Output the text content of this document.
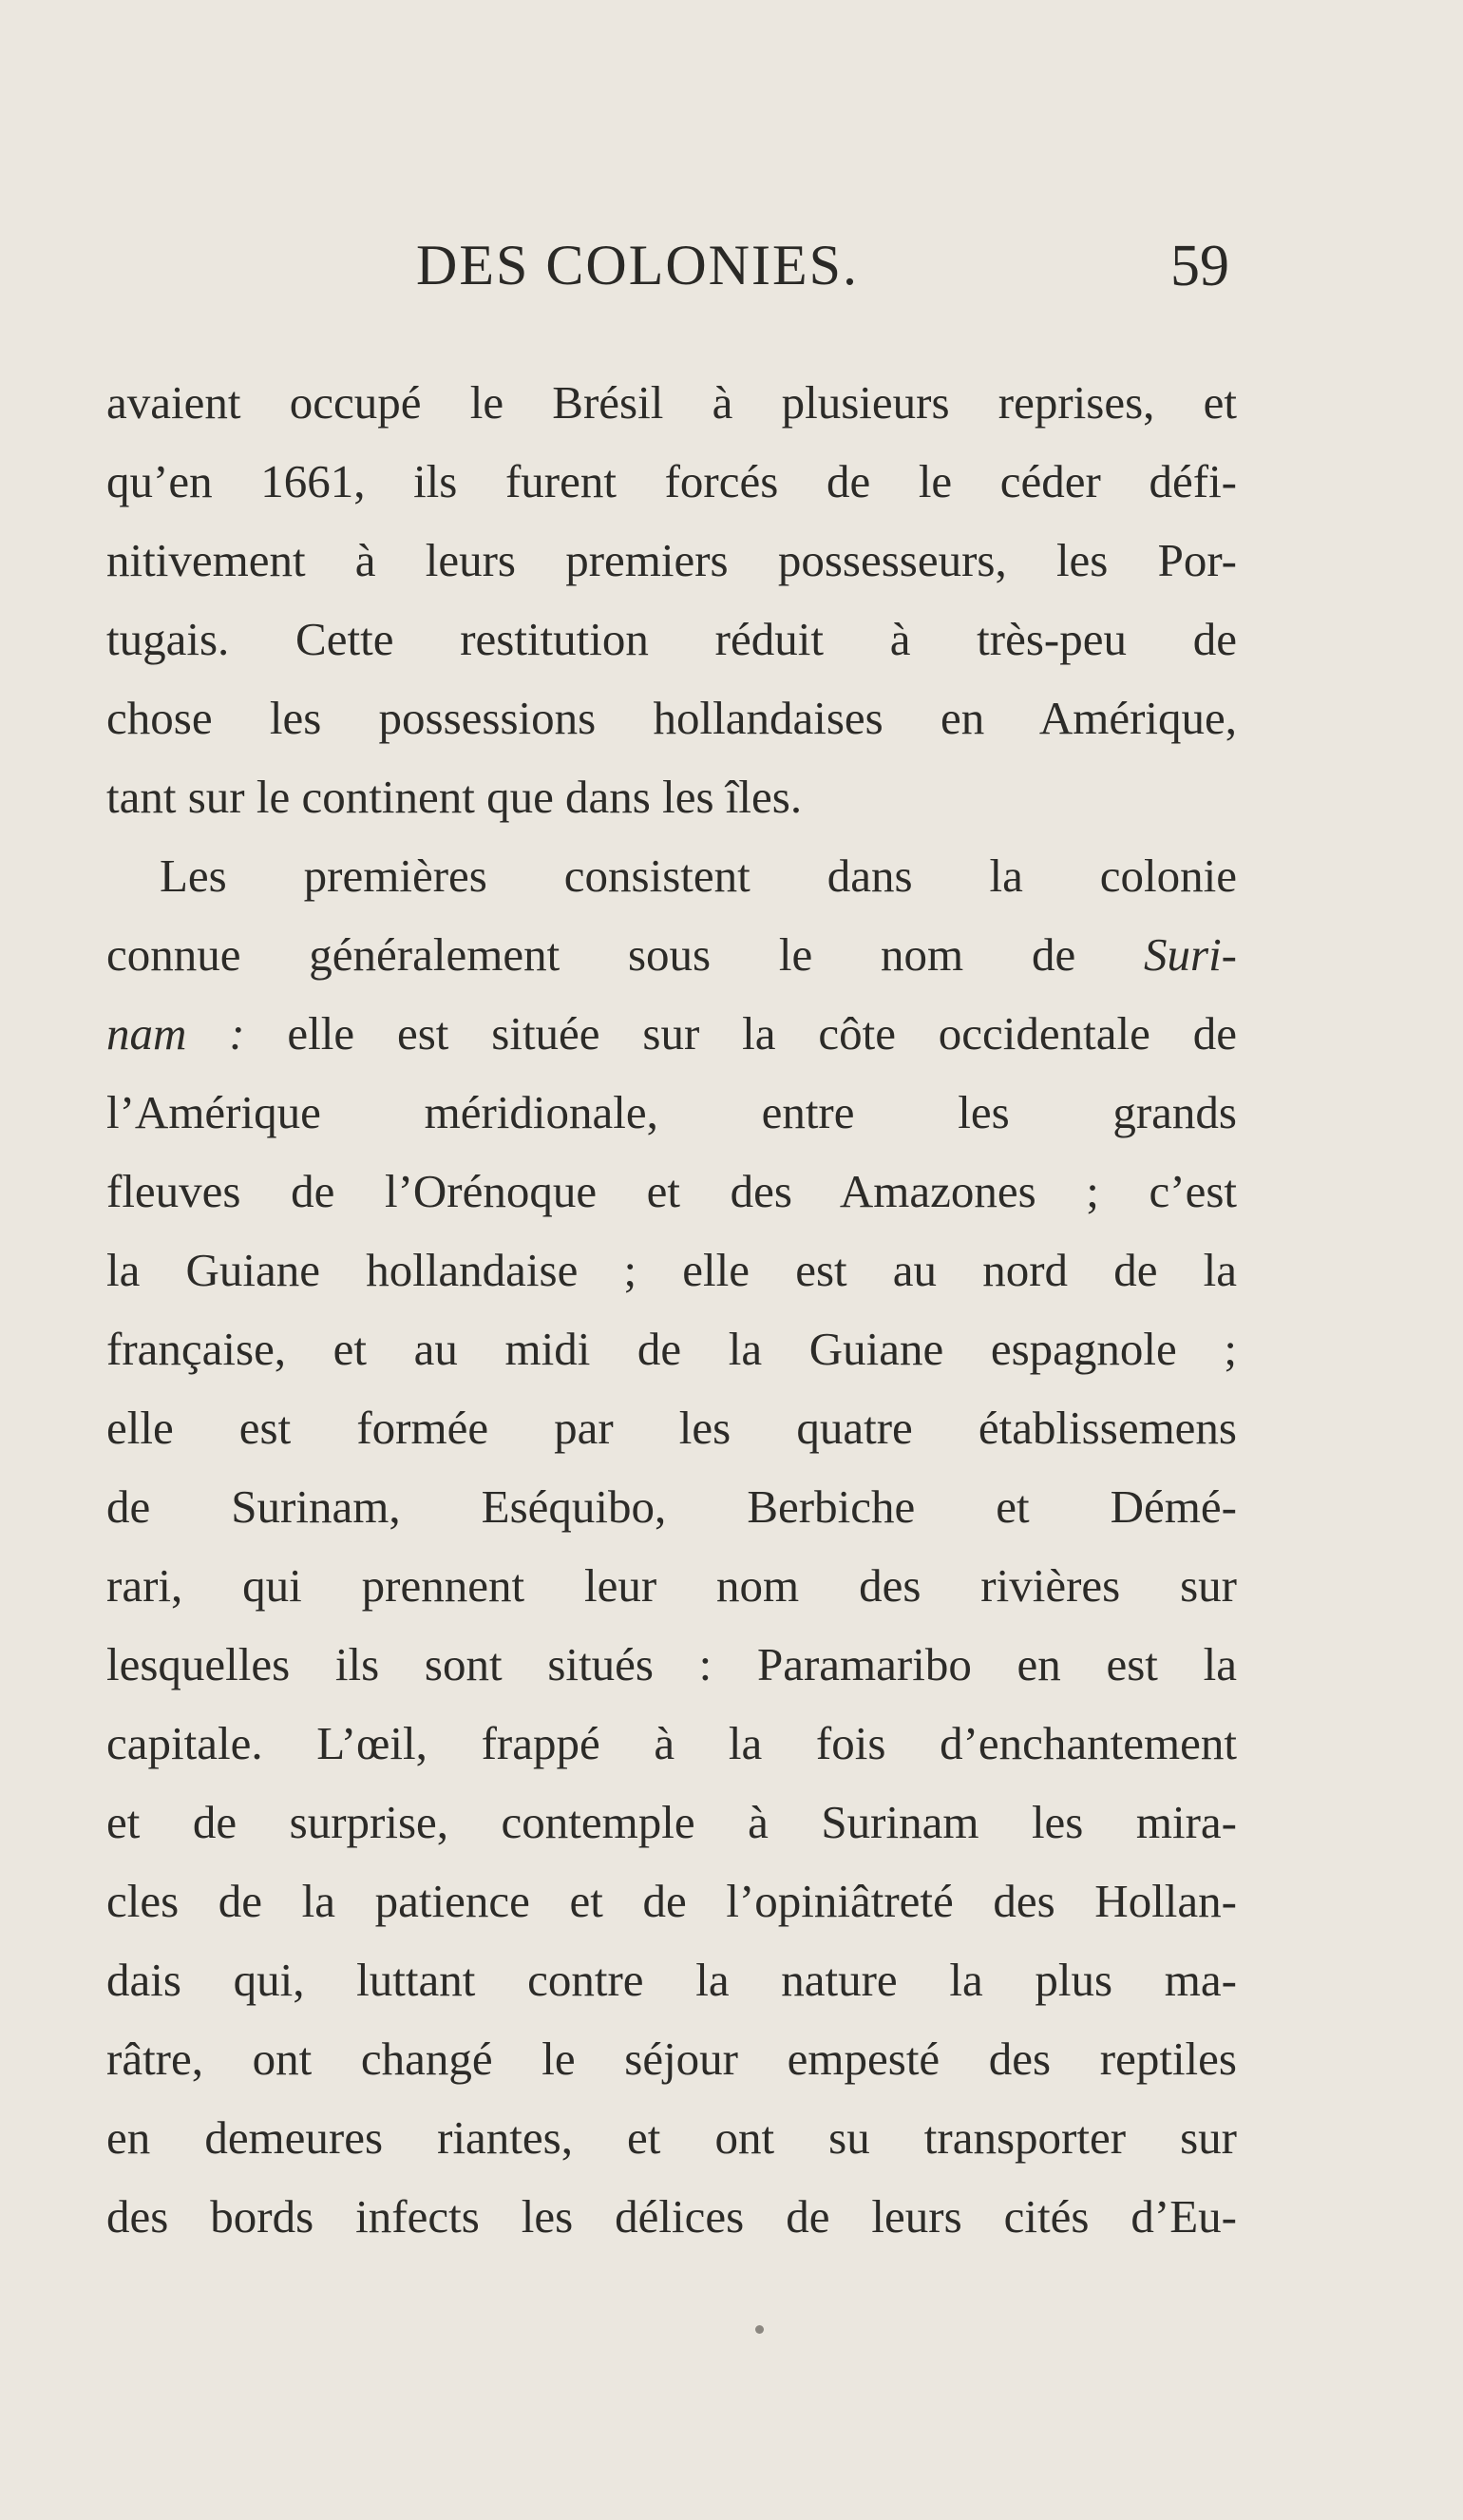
DES COLONIES.	59
avaient occupé le Brésil à plusieurs reprises, et
qu’en 1661, ils furent forcés de le céder défi-
nitivement à leurs premiers possesseurs, les Por-
tugais. Cette restitution réduit à très-peu de
chose les possessions hollandaises en Amérique,
tant sur le continent que dans les îles.
Les premières consistent dans la colonie
connue généralement sous le nom de Suri-
nam : elle est située sur la côte occidentale de
l’Amérique méridionale, entre les grands
fleuves de l’Orénoque et des Amazones ; c’est
la Guiane hollandaise ; elle est au nord de la
française, et au midi de la Guiane espagnole ;
elle est formée par les quatre établissemens
de Surinam, Eséquibo, Berbiche et Démé-
rari, qui prennent leur nom des rivières sur
lesquelles ils sont situés : Paramaribo en est la
capitale. L’œil, frappé à la fois d’enchantement
et de surprise, contemple à Surinam les mira-
cles de la patience et de l’opiniâtreté des Hollan-
dais qui, luttant contre la nature la plus ma-
râtre, ont changé le séjour empesté des reptiles
en demeures riantes, et ont su transporter sur
des bords infects les délices de leurs cités d’Eu-
